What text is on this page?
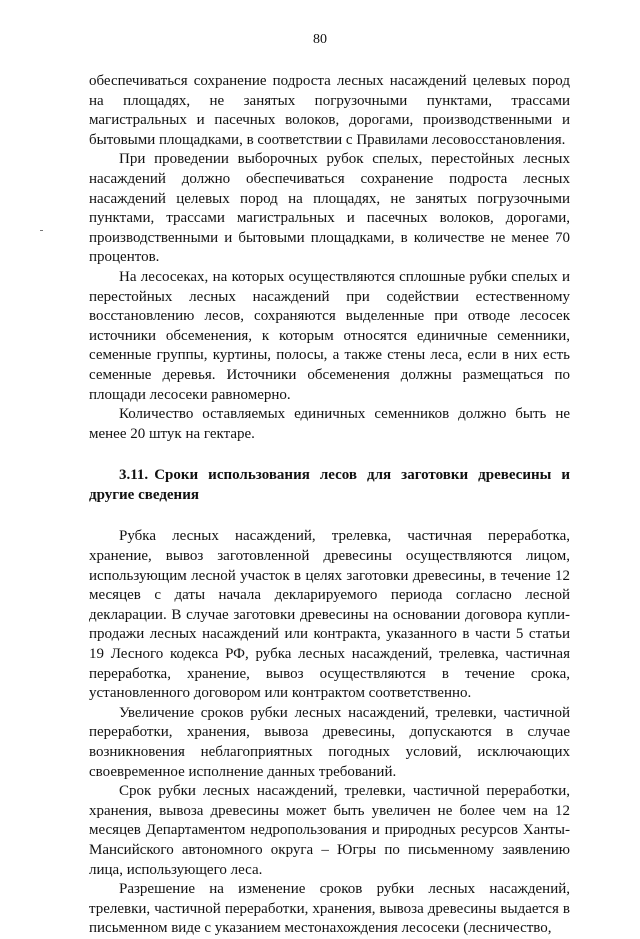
80

обеспечиваться сохранение подроста лесных насаждений целевых пород на площадях, не занятых погрузочными пунктами, трассами магистральных и пасечных волоков, дорогами, производственными и бытовыми площадками, в соответствии с Правилами лесовосстановления.

При проведении выборочных рубок спелых, перестойных лесных насаждений должно обеспечиваться сохранение подроста лесных насаждений целевых пород на площадях, не занятых погрузочными пунктами, трассами магистральных и пасечных волоков, дорогами, производственными и бытовыми площадками, в количестве не менее 70 процентов.

На лесосеках, на которых осуществляются сплошные рубки спелых и перестойных лесных насаждений при содействии естественному восстановлению лесов, сохраняются выделенные при отводе лесосек источники обсеменения, к которым относятся единичные семенники, семенные группы, куртины, полосы, а также стены леса, если в них есть семенные деревья. Источники обсеменения должны размещаться по площади лесосеки равномерно.

Количество оставляемых единичных семенников должно быть не менее 20 штук на гектаре.

3.11. Сроки использования лесов для заготовки древесины и другие сведения

Рубка лесных насаждений, трелевка, частичная переработка, хранение, вывоз заготовленной древесины осуществляются лицом, использующим лесной участок в целях заготовки древесины, в течение 12 месяцев с даты начала декларируемого периода согласно лесной декларации. В случае заготовки древесины на основании договора купли-продажи лесных насаждений или контракта, указанного в части 5 статьи 19 Лесного кодекса РФ, рубка лесных насаждений, трелевка, частичная переработка, хранение, вывоз осуществляются в течение срока, установленного договором или контрактом соответственно.

Увеличение сроков рубки лесных насаждений, трелевки, частичной переработки, хранения, вывоза древесины, допускаются в случае возникновения неблагоприятных погодных условий, исключающих своевременное исполнение данных требований.

Срок рубки лесных насаждений, трелевки, частичной переработки, хранения, вывоза древесины может быть увеличен не более чем на 12 месяцев Департаментом недропользования и природных ресурсов Ханты-Мансийского автономного округа – Югры по письменному заявлению лица, использующего леса.

Разрешение на изменение сроков рубки лесных насаждений, трелевки, частичной переработки, хранения, вывоза древесины выдается в письменном виде с указанием местонахождения лесосеки (лесничество,
